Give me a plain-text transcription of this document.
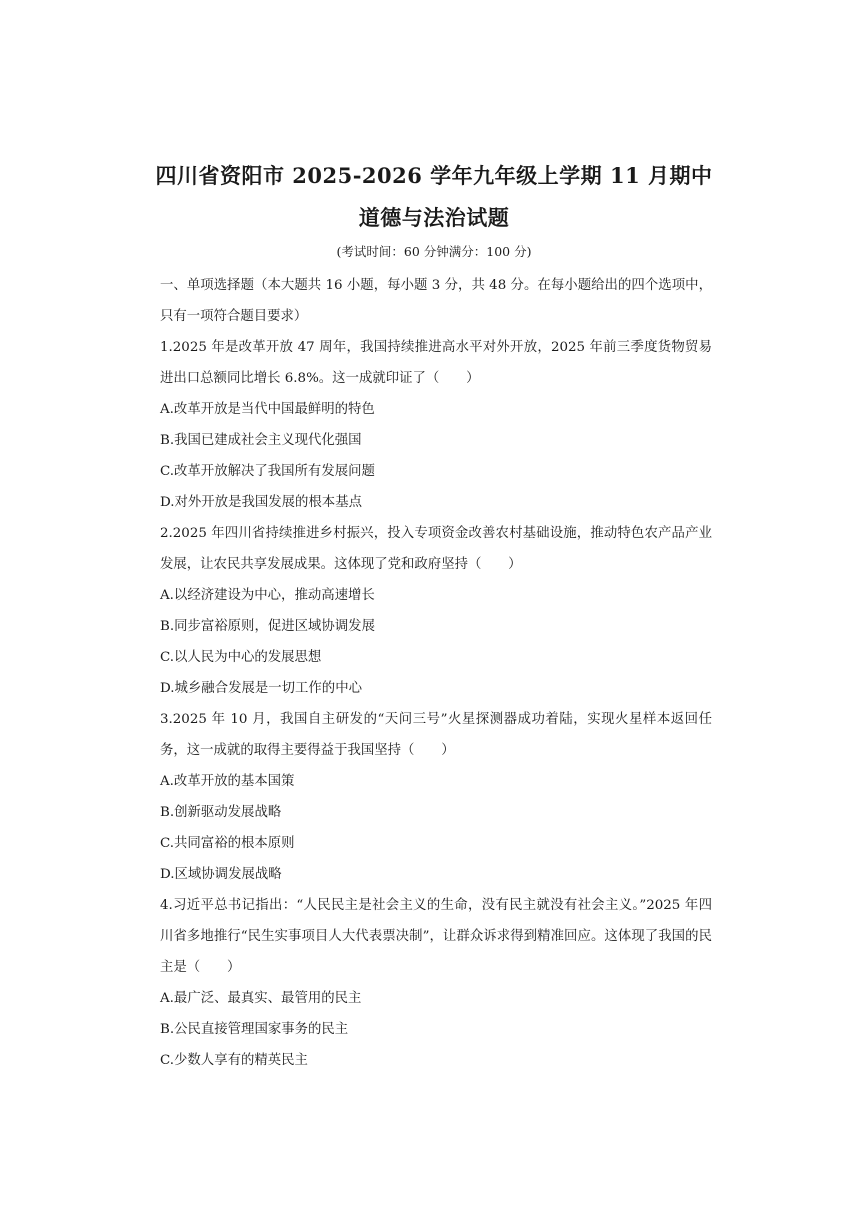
四川省资阳市 2025-2026 学年九年级上学期 11 月期中
道德与法治试题
(考试时间：60 分钟满分：100 分)

一、单项选择题（本大题共 16 小题，每小题 3 分，共 48 分。在每小题给出的四个选项中，只有一项符合题目要求）

1.2025 年是改革开放 47 周年，我国持续推进高水平对外开放，2025 年前三季度货物贸易进出口总额同比增长 6.8%。这一成就印证了（　　）

A.改革开放是当代中国最鲜明的特色

B.我国已建成社会主义现代化强国

C.改革开放解决了我国所有发展问题

D.对外开放是我国发展的根本基点

2.2025 年四川省持续推进乡村振兴，投入专项资金改善农村基础设施，推动特色农产品产业发展，让农民共享发展成果。这体现了党和政府坚持（　　）

A.以经济建设为中心，推动高速增长

B.同步富裕原则，促进区域协调发展

C.以人民为中心的发展思想

D.城乡融合发展是一切工作的中心

3.2025 年 10 月，我国自主研发的“天问三号”火星探测器成功着陆，实现火星样本返回任务，这一成就的取得主要得益于我国坚持（　　）

A.改革开放的基本国策

B.创新驱动发展战略

C.共同富裕的根本原则

D.区域协调发展战略

4.习近平总书记指出：“人民民主是社会主义的生命，没有民主就没有社会主义。”2025 年四川省多地推行“民生实事项目人大代表票决制”，让群众诉求得到精准回应。这体现了我国的民主是（　　）

A.最广泛、最真实、最管用的民主

B.公民直接管理国家事务的民主

C.少数人享有的精英民主
